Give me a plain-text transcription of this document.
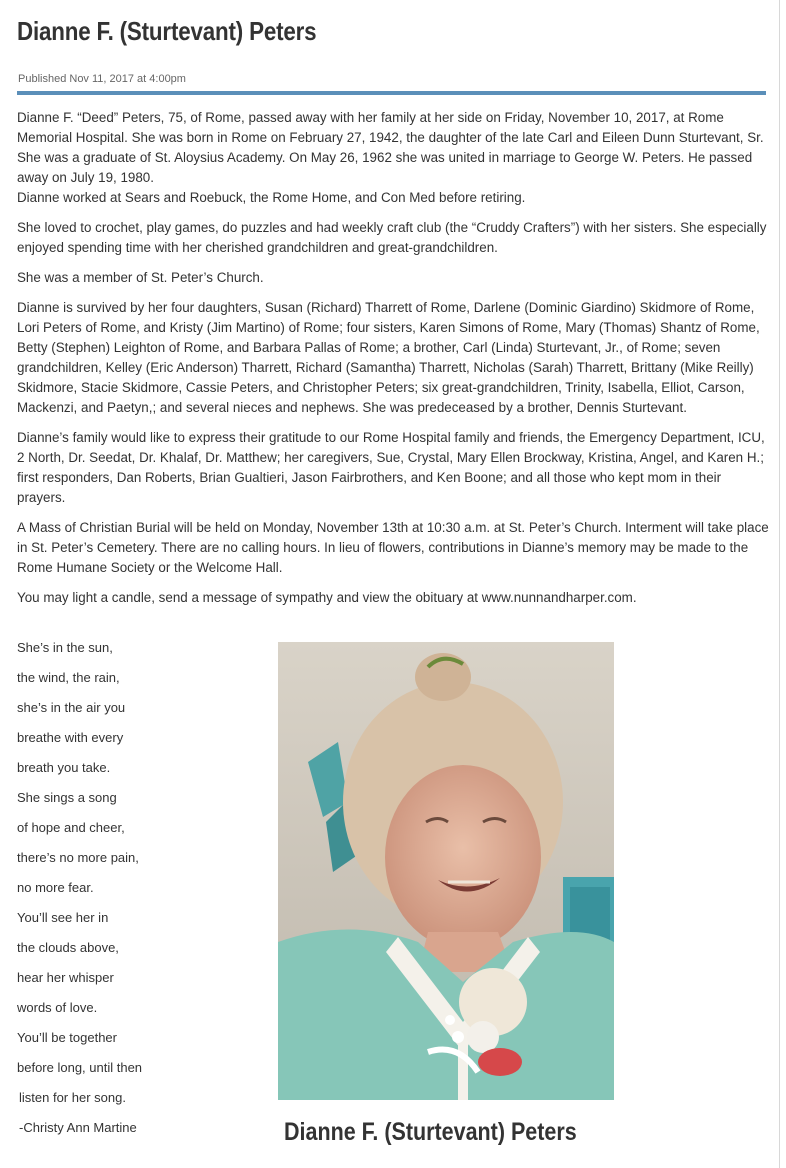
Dianne F. (Sturtevant) Peters
Published Nov 11, 2017 at 4:00pm
Dianne F. “Deed” Peters, 75, of Rome, passed away with her family at her side on Friday, November 10, 2017, at Rome Memorial Hospital. She was born in Rome on February 27, 1942, the daughter of the late Carl and Eileen Dunn Sturtevant, Sr. She was a graduate of St. Aloysius Academy. On May 26, 1962 she was united in marriage to George W. Peters. He passed away on July 19, 1980.

Dianne worked at Sears and Roebuck, the Rome Home, and Con Med before retiring.

She loved to crochet, play games, do puzzles and had weekly craft club (the “Cruddy Crafters”) with her sisters. She especially enjoyed spending time with her cherished grandchildren and great-grandchildren.

She was a member of St. Peter’s Church.

Dianne is survived by her four daughters, Susan (Richard) Tharrett of Rome, Darlene (Dominic Giardino) Skidmore of Rome, Lori Peters of Rome, and Kristy (Jim Martino) of Rome; four sisters, Karen Simons of Rome, Mary (Thomas) Shantz of Rome, Betty (Stephen) Leighton of Rome, and Barbara Pallas of Rome; a brother, Carl (Linda) Sturtevant, Jr., of Rome; seven grandchildren, Kelley (Eric Anderson) Tharrett, Richard (Samantha) Tharrett, Nicholas (Sarah) Tharrett, Brittany (Mike Reilly) Skidmore, Stacie Skidmore, Cassie Peters, and Christopher Peters; six great-grandchildren, Trinity, Isabella, Elliot, Carson, Mackenzi, and Paetyn,; and several nieces and nephews. She was predeceased by a brother, Dennis Sturtevant.

Dianne’s family would like to express their gratitude to our Rome Hospital family and friends, the Emergency Department, ICU, 2 North, Dr. Seedat, Dr. Khalaf, Dr. Matthew; her caregivers, Sue, Crystal, Mary Ellen Brockway, Kristina, Angel, and Karen H.; first responders, Dan Roberts, Brian Gualtieri, Jason Fairbrothers, and Ken Boone; and all those who kept mom in their prayers.

A Mass of Christian Burial will be held on Monday, November 13th at 10:30 a.m. at St. Peter’s Church. Interment will take place in St. Peter’s Cemetery. There are no calling hours. In lieu of flowers, contributions in Dianne’s memory may be made to the Rome Humane Society or the Welcome Hall.

You may light a candle, send a message of sympathy and view the obituary at www.nunnandharper.com.

She’s in the sun,
the wind, the rain,
she’s in the air you
breathe with every
breath you take.
She sings a song
of hope and cheer,
there’s no more pain,
no more fear.
You’ll see her in
the clouds above,
hear her whisper
words of love.
You’ll be together
before long, until then
listen for her song.
-Christy Ann Martine	Dianne F. (Sturtevant) Peters
